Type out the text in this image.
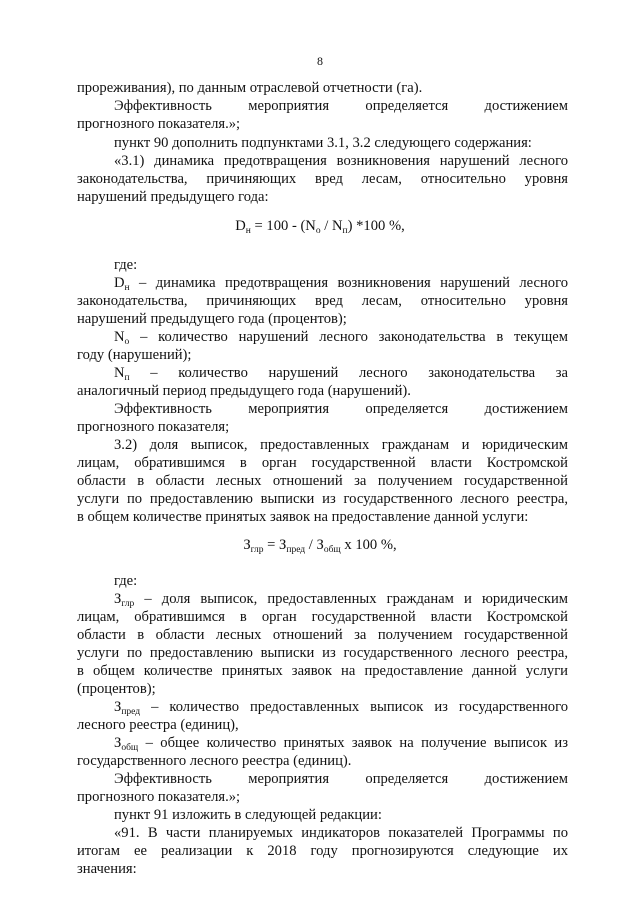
8
прореживания), по данным отраслевой отчетности (га).
Эффективность мероприятия определяется достижением
прогнозного показателя.»;
пункт 90 дополнить подпунктами 3.1, 3.2 следующего содержания:
«3.1) динамика предотвращения возникновения нарушений лесного
законодательства, причиняющих вред лесам, относительно уровня
нарушений предыдущего года:
$D_н = 100 - (N_о / N_п)$ *100 %,
где:
$D_н$ – динамика предотвращения возникновения нарушений лесного
законодательства, причиняющих вред лесам, относительно уровня
нарушений предыдущего года (процентов);
$N_о$ – количество нарушений лесного законодательства в текущем
году (нарушений);
$N_п$ – количество нарушений лесного законодательства за
аналогичный период предыдущего года (нарушений).
Эффективность мероприятия определяется достижением
прогнозного показателя;
3.2) доля выписок, предоставленных гражданам и юридическим
лицам, обратившимся в орган государственной власти Костромской
области в области лесных отношений за получением государственной
услуги по предоставлению выписки из государственного лесного реестра,
в общем количестве принятых заявок на предоставление данной услуги:
$З_{глр} = З_{пред} / З_{общ}$ х 100 %,
где:
$З_{глр}$ – доля выписок, предоставленных гражданам и юридическим
лицам, обратившимся в орган государственной власти Костромской
области в области лесных отношений за получением государственной
услуги по предоставлению выписки из государственного лесного реестра,
в общем количестве принятых заявок на предоставление данной услуги
(процентов);
$З_{пред}$ – количество предоставленных выписок из государственного
лесного реестра (единиц),
$З_{общ}$ – общее количество принятых заявок на получение выписок из
государственного лесного реестра (единиц).
Эффективность мероприятия определяется достижением
прогнозного показателя.»;
пункт 91 изложить в следующей редакции:
«91. В части планируемых индикаторов показателей Программы по
итогам ее реализации к 2018 году прогнозируются следующие их
значения:
